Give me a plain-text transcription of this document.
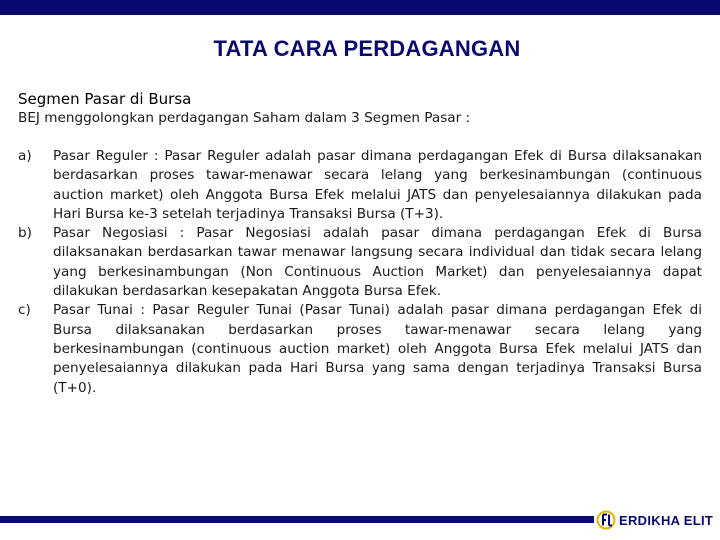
TATA CARA PERDAGANGAN
Segmen Pasar di Bursa
BEJ menggolongkan perdagangan Saham dalam 3 Segmen Pasar :
a)	Pasar Reguler : Pasar Reguler adalah pasar dimana perdagangan Efek di Bursa dilaksanakan berdasarkan proses tawar-menawar secara lelang yang berkesinambungan (continuous auction market) oleh Anggota Bursa Efek melalui JATS dan penyelesaiannya dilakukan pada Hari Bursa ke-3 setelah terjadinya Transaksi Bursa (T+3).
b)	Pasar Negosiasi : Pasar Negosiasi adalah pasar dimana perdagangan Efek di Bursa dilaksanakan berdasarkan tawar menawar langsung secara individual dan tidak secara lelang yang berkesinambungan (Non Continuous Auction Market) dan penyelesaiannya dapat dilakukan berdasarkan kesepakatan Anggota Bursa Efek.
c)	Pasar Tunai : Pasar Reguler Tunai (Pasar Tunai) adalah pasar dimana perdagangan Efek di Bursa dilaksanakan berdasarkan proses tawar-menawar secara lelang yang berkesinambungan (continuous auction market) oleh Anggota Bursa Efek melalui JATS dan penyelesaiannya dilakukan pada Hari Bursa yang sama dengan terjadinya Transaksi Bursa (T+0).
ERDIKHA ELIT
